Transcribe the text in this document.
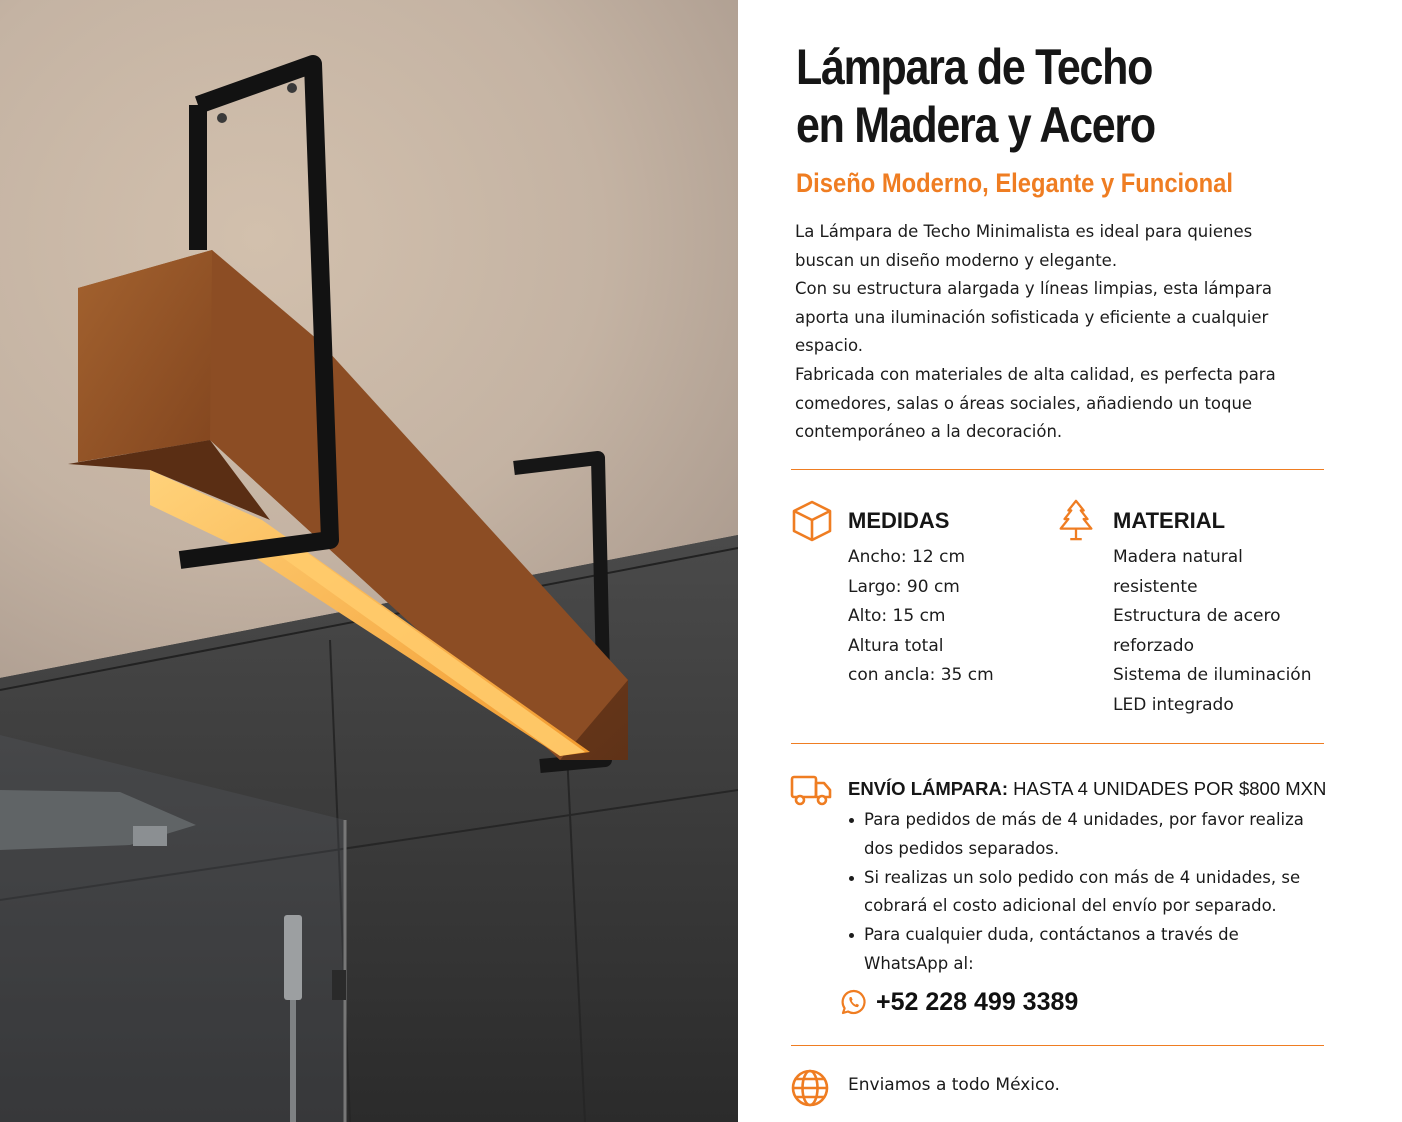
Lámpara de Techo
en Madera y Acero
Diseño Moderno, Elegante y Funcional

La Lámpara de Techo Minimalista es ideal para quienes buscan un diseño moderno y elegante.

Con su estructura alargada y líneas limpias, esta lámpara aporta una iluminación sofisticada y eficiente a cualquier espacio.

Fabricada con materiales de alta calidad, es perfecta para comedores, salas o áreas sociales, añadiendo un toque contemporáneo a la decoración.

MEDIDAS
Ancho: 12 cm
Largo: 90 cm
Alto: 15 cm
Altura total
con ancla: 35 cm
MATERIAL
Madera natural
resistente
Estructura de acero
reforzado
Sistema de iluminación
LED integrado
ENVÍO LÁMPARA: HASTA 4 UNIDADES POR $800 MXN
Para pedidos de más de 4 unidades, por favor realiza dos pedidos separados.
Si realizas un solo pedido con más de 4 unidades, se cobrará el costo adicional del envío por separado.
Para cualquier duda, contáctanos a través de WhatsApp al:
+52 228 499 3389
Enviamos a todo México.
